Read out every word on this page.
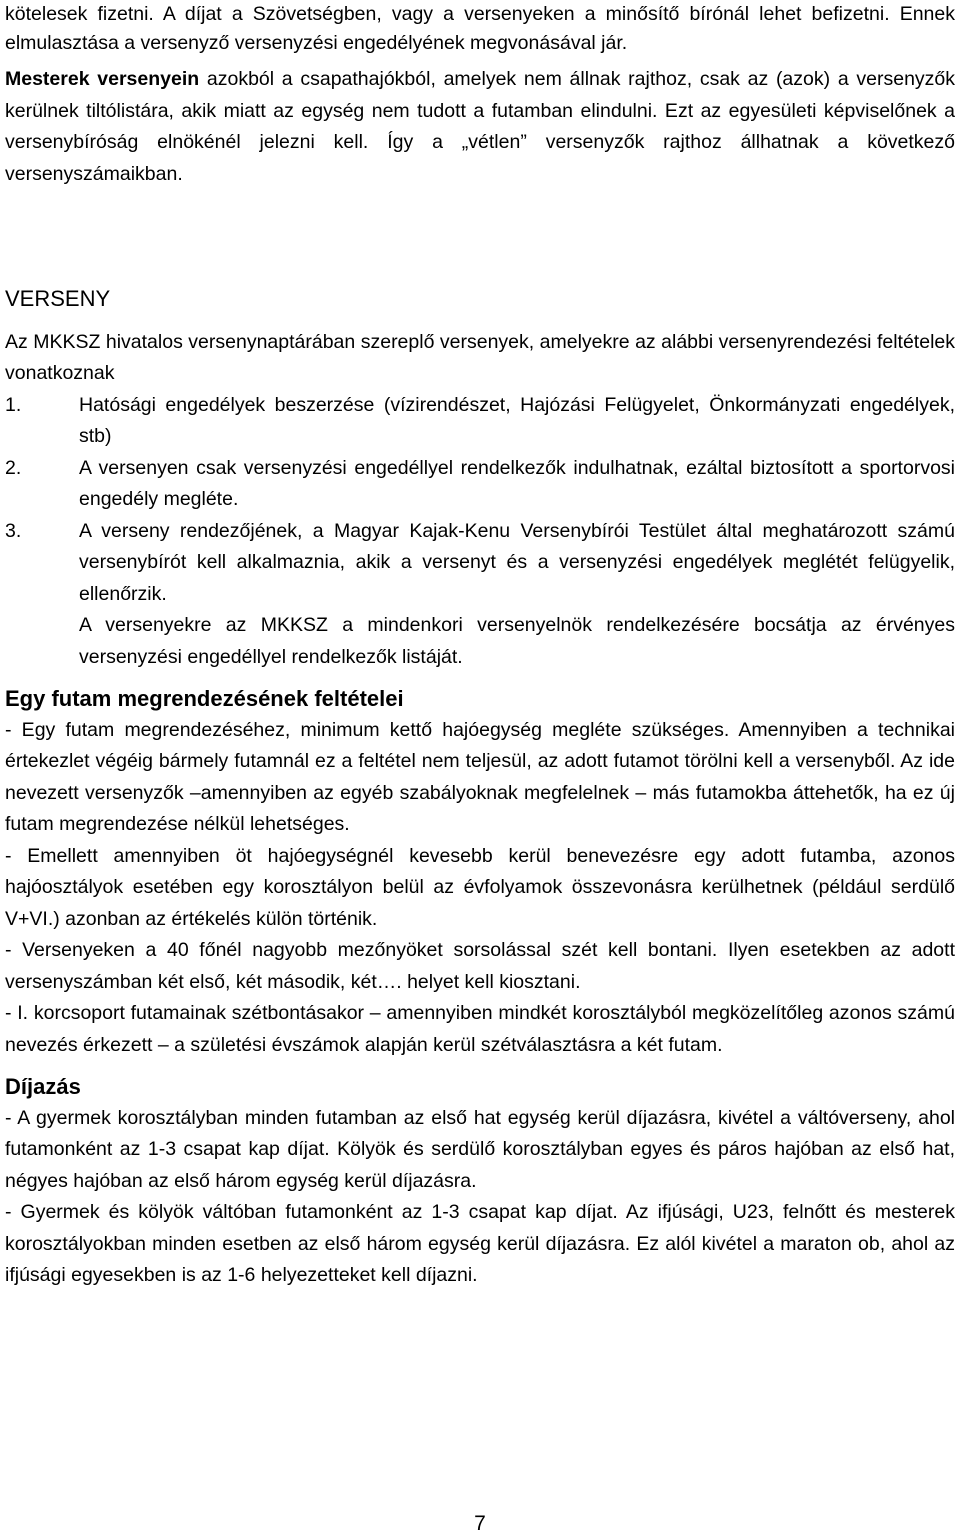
kötelesek fizetni. A díjat a Szövetségben, vagy a versenyeken a minősítő bírónál lehet befizetni. Ennek elmulasztása a versenyző versenyzési engedélyének megvonásával jár.

Mesterek versenyein azokból a csapathajókból, amelyek nem állnak rajthoz, csak az (azok) a versenyzők kerülnek tiltólistára, akik miatt az egység nem tudott a futamban elindulni. Ezt az egyesületi képviselőnek a versenybíróság elnökénél jelezni kell. Így a „vétlen” versenyzők rajthoz állhatnak a következő versenyszámaikban.

VERSENY

Az MKKSZ hivatalos versenynaptárában szereplő versenyek, amelyekre az alábbi versenyrendezési feltételek vonatkoznak

1.	Hatósági engedélyek beszerzése (vízirendészet, Hajózási Felügyelet, Önkormányzati engedélyek, stb)
2.	A versenyen csak versenyzési engedéllyel rendelkezők indulhatnak, ezáltal biztosított a sportorvosi engedély megléte.
3.	A verseny rendezőjének, a Magyar Kajak-Kenu Versenybírói Testület által meghatározott számú versenybírót kell alkalmaznia, akik a versenyt és a versenyzési engedélyek meglétét felügyelik, ellenőrzik.

A versenyekre az MKKSZ a mindenkori versenyelnök rendelkezésére bocsátja az érvényes versenyzési engedéllyel rendelkezők listáját.

Egy futam megrendezésének feltételei

- Egy futam megrendezéséhez, minimum kettő hajóegység megléte szükséges. Amennyiben a technikai értekezlet végéig bármely futamnál ez a feltétel nem teljesül, az adott futamot törölni kell a versenyből. Az ide nevezett versenyzők –amennyiben az egyéb szabályoknak megfelelnek – más futamokba áttehetők, ha ez új futam megrendezése nélkül lehetséges.

- Emellett amennyiben öt hajóegységnél kevesebb kerül benevezésre egy adott futamba, azonos hajóosztályok esetében egy korosztályon belül az évfolyamok összevonásra kerülhetnek (például serdülő V+VI.) azonban az értékelés külön történik.

- Versenyeken a 40 főnél nagyobb mezőnyöket sorsolással szét kell bontani. Ilyen esetekben az adott versenyszámban két első, két második, két…. helyet kell kiosztani.

- I. korcsoport futamainak szétbontásakor – amennyiben mindkét korosztályból megközelítőleg azonos számú nevezés érkezett – a születési évszámok alapján kerül szétválasztásra a két futam.

Díjazás

- A gyermek korosztályban minden futamban az első hat egység kerül díjazásra, kivétel a váltóverseny, ahol futamonként az 1-3 csapat kap díjat. Kölyök és serdülő korosztályban egyes és páros hajóban az első hat, négyes hajóban az első három egység kerül díjazásra.

- Gyermek és kölyök váltóban futamonként az 1-3 csapat kap díjat. Az ifjúsági, U23, felnőtt és mesterek korosztályokban minden esetben az első három egység kerül díjazásra. Ez alól kivétel a maraton ob, ahol az ifjúsági egyesekben is az 1-6 helyezetteket kell díjazni.

7
